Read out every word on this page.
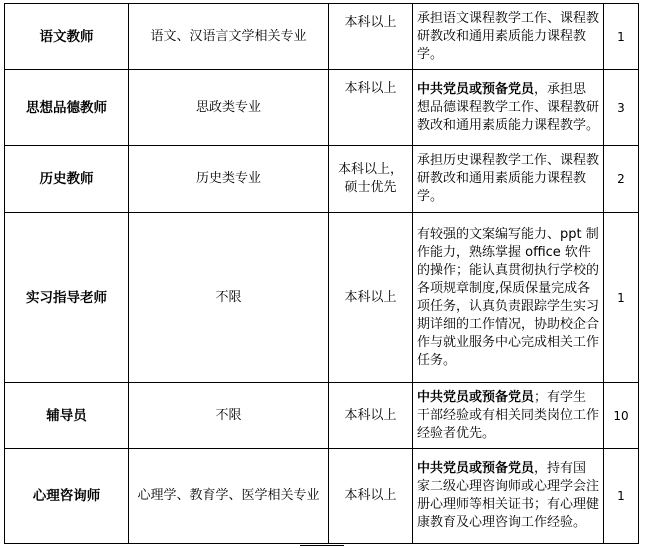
语文教师	语文、汉语言文学相关专业	本科以上	承担语文课程教学工作、课程教研教改和通用素质能力课程教学。	1
思想品德教师	思政类专业	本科以上	中共党员或预备党员，承担思想品德课程教学工作、课程教研教改和通用素质能力课程教学。	3
历史教师	历史类专业	本科以上，硕士优先	承担历史课程教学工作、课程教研教改和通用素质能力课程教学。	2
实习指导老师	不限	本科以上	有较强的文案编写能力、ppt 制作能力，熟练掌握 office 软件的操作；能认真贯彻执行学校的各项规章制度,保质保量完成各项任务，认真负责跟踪学生实习期详细的工作情况，协助校企合作与就业服务中心完成相关工作任务。	1
辅导员	不限	本科以上	中共党员或预备党员；有学生干部经验或有相关同类岗位工作经验者优先。	10
心理咨询师	心理学、教育学、医学相关专业	本科以上	中共党员或预备党员，持有国家二级心理咨询师或心理学会注册心理师等相关证书；有心理健康教育及心理咨询工作经验。	1
